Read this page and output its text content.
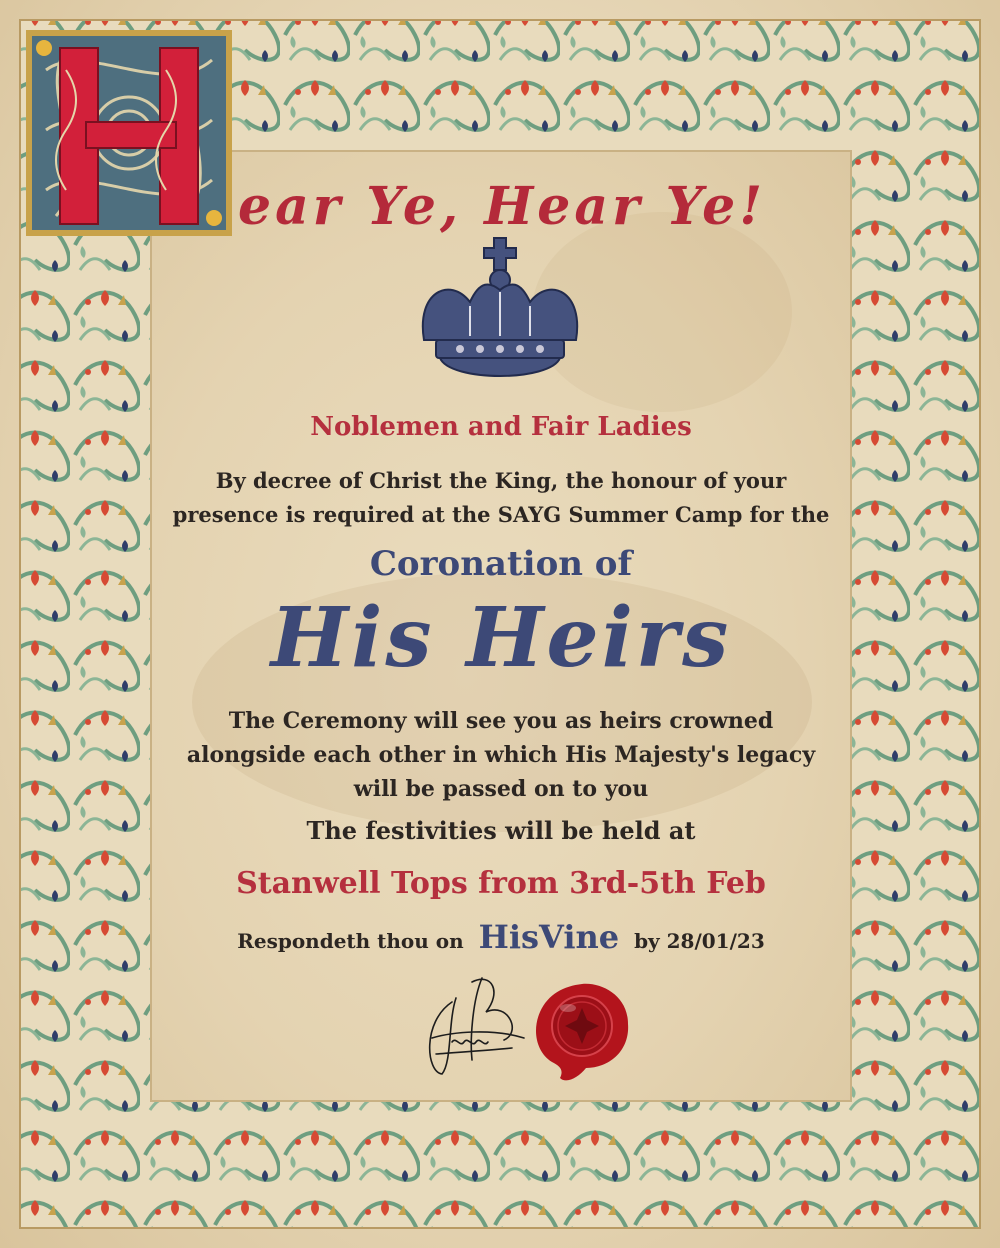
ear Ye, Hear Ye!

Noblemen and Fair Ladies

By decree of Christ the King, the honour of your
presence is required at the SAYG Summer Camp for the

Coronation of

His Heirs

The Ceremony will see you as heirs crowned
alongside each other in which His Majesty's legacy
will be passed on to you

The festivities will be held at

Stanwell Tops from 3rd-5th Feb

Respondeth thou on HisVine by 28/01/23
